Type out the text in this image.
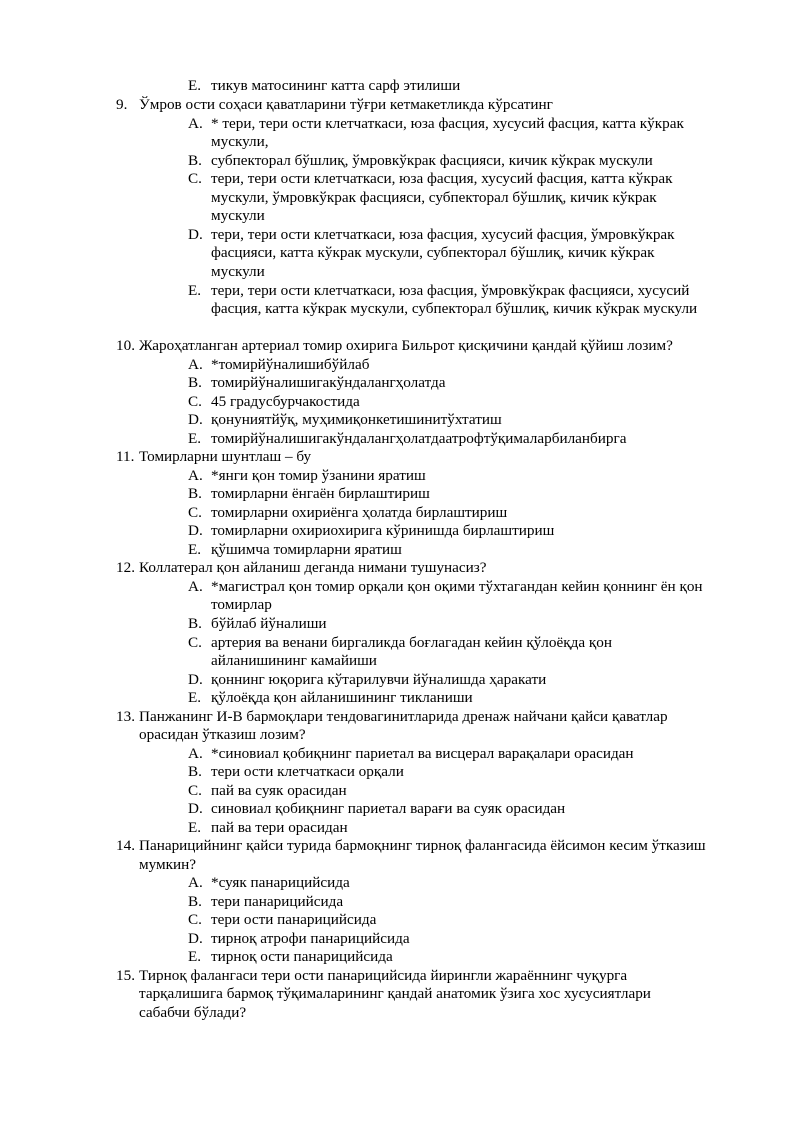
E. тикув матосининг катта сарф этилиши
9. Ўмров ости соҳаси қаватларини тўғри кетмакетликда кўрсатинг
A. * тери, тери ости клетчаткаси, юза фасция, хусусий фасция, катта кўкрак
мускули,
B. субпекторал бўшлиқ, ўмровкўкрак фасцияси, кичик кўкрак мускули
C. тери, тери ости клетчаткаси, юза фасция, хусусий фасция, катта кўкрак
мускули, ўмровкўкрак фасцияси, субпекторал бўшлиқ, кичик кўкрак
мускули
D. тери, тери ости клетчаткаси, юза фасция, хусусий фасция, ўмровкўкрак
фасцияси, катта кўкрак мускули, субпекторал бўшлиқ, кичик кўкрак
мускули
E. тери, тери ости клетчаткаси, юза фасция, ўмровкўкрак фасцияси, хусусий
фасция, катта кўкрак мускули, субпекторал бўшлиқ, кичик кўкрак мускули
10. Жароҳатланган артериал томир охирига Бильрот қисқичини қандай қўйиш лозим?
A. *томирйўналишибўйлаб
B. томирйўналишигакўндалангҳолатда
C. 45 градусбурчакостида
D. қонуниятйўқ, муҳимиқонкетишинитўхтатиш
E. томирйўналишигакўндалангҳолатдаатрофтўқималарбиланбирга
11. Томирларни шунтлаш – бу
A. *янги қон томир ўзанини яратиш
B. томирларни ёнгаён бирлаштириш
C. томирларни охириёнга ҳолатда бирлаштириш
D. томирларни охириохирига кўринишда бирлаштириш
E. қўшимча томирларни яратиш
12. Коллатерал қон айланиш деганда нимани тушунасиз?
A. *магистрал қон томир орқали қон оқими тўхтагандан кейин қоннинг ён қон
томирлар
B. бўйлаб йўналиши
C. артерия ва венани биргаликда боғлагадан кейин қўлоёқда қон
айланишининг камайиши
D. қоннинг юқорига кўтарилувчи йўналишда ҳаракати
E. қўлоёқда қон айланишининг тикланиши
13. Панжанинг И-В бармоқлари тендовагинитларида дренаж найчани қайси қаватлар
орасидан ўтказиш лозим?
A. *синовиал қобиқнинг париетал ва висцерал варақалари орасидан
B. тери ости клетчаткаси орқали
C. пай ва суяк орасидан
D. синовиал қобиқнинг париетал варағи ва суяк орасидан
E. пай ва тери орасидан
14. Панарицийнинг қайси турида бармоқнинг тирноқ фалангасида ёйсимон кесим ўтказиш
мумкин?
A. *суяк панарицийсида
B. тери панарицийсида
C. тери ости панарицийсида
D. тирноқ атрофи панарицийсида
E. тирноқ ости панарицийсида
15. Тирноқ фалангаси тери ости панарицийсида йирингли жараённинг чуқурга
тарқалишига бармоқ тўқималарининг қандай анатомик ўзига хос хусусиятлари
сабабчи бўлади?
